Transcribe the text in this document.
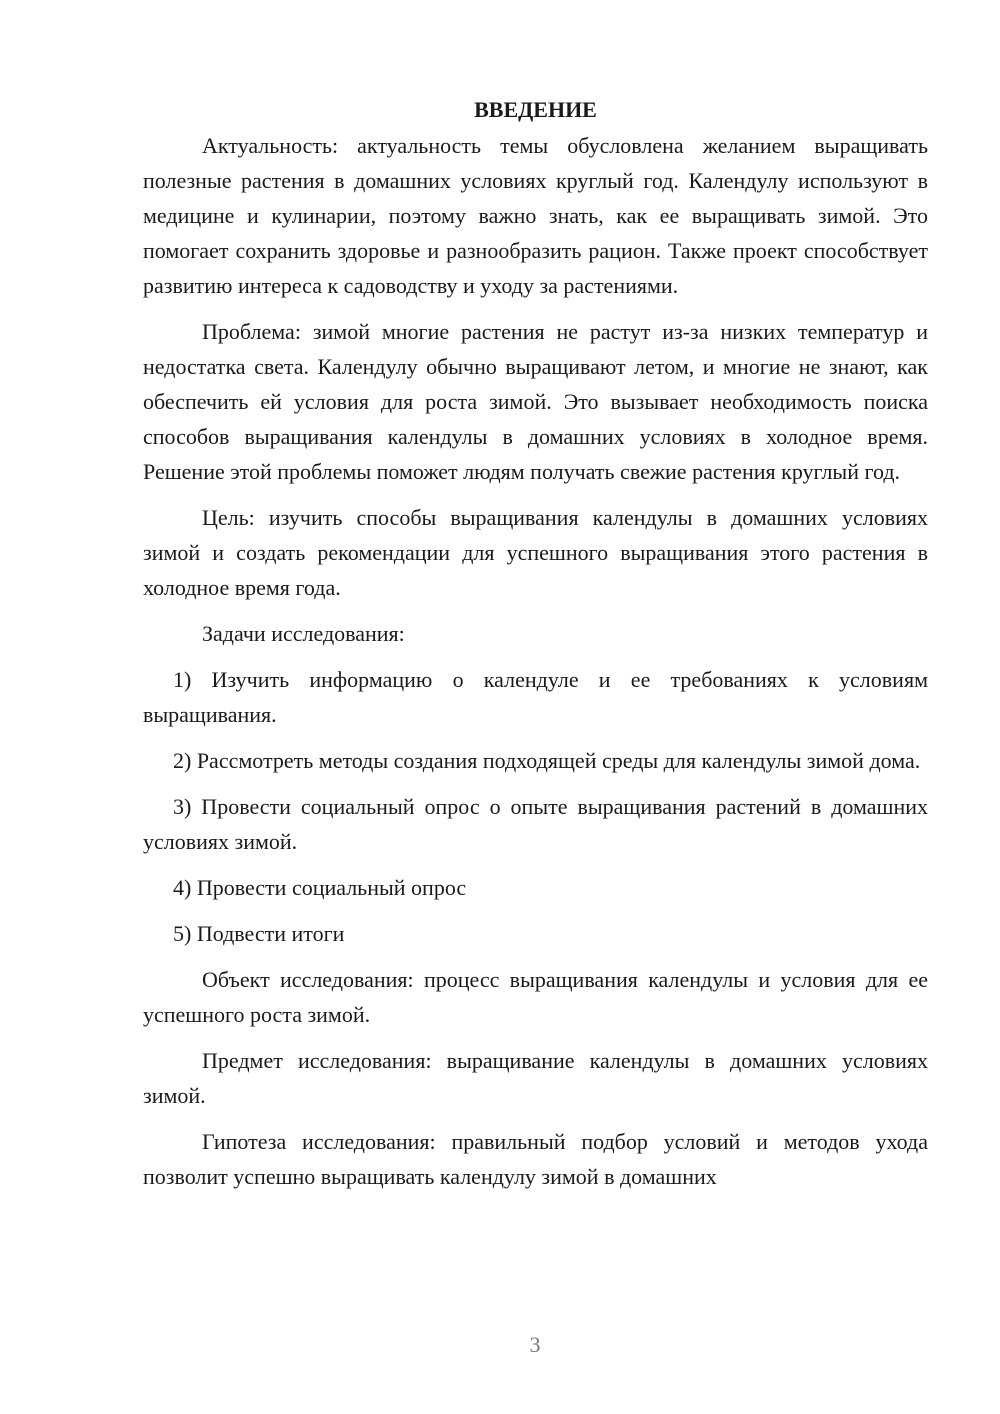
ВВЕДЕНИЕ

Актуальность: актуальность темы обусловлена желанием выращивать полезные растения в домашних условиях круглый год. Календулу используют в медицине и кулинарии, поэтому важно знать, как ее выращивать зимой. Это помогает сохранить здоровье и разнообразить рацион. Также проект способствует развитию интереса к садоводству и уходу за растениями.

Проблема: зимой многие растения не растут из-за низких температур и недостатка света. Календулу обычно выращивают летом, и многие не знают, как обеспечить ей условия для роста зимой. Это вызывает необходимость поиска способов выращивания календулы в домашних условиях в холодное время. Решение этой проблемы поможет людям получать свежие растения круглый год.

Цель: изучить способы выращивания календулы в домашних условиях зимой и создать рекомендации для успешного выращивания этого растения в холодное время года.

Задачи исследования:

1) Изучить информацию о календуле и ее требованиях к условиям выращивания.

2) Рассмотреть методы создания подходящей среды для календулы зимой дома.

3) Провести социальный опрос о опыте выращивания растений в домашних условиях зимой.

4) Провести социальный опрос

5) Подвести итоги

Объект исследования: процесс выращивания календулы и условия для ее успешного роста зимой.

Предмет исследования: выращивание календулы в домашних условиях зимой.

Гипотеза исследования: правильный подбор условий и методов ухода позволит успешно выращивать календулу зимой в домашних

3
